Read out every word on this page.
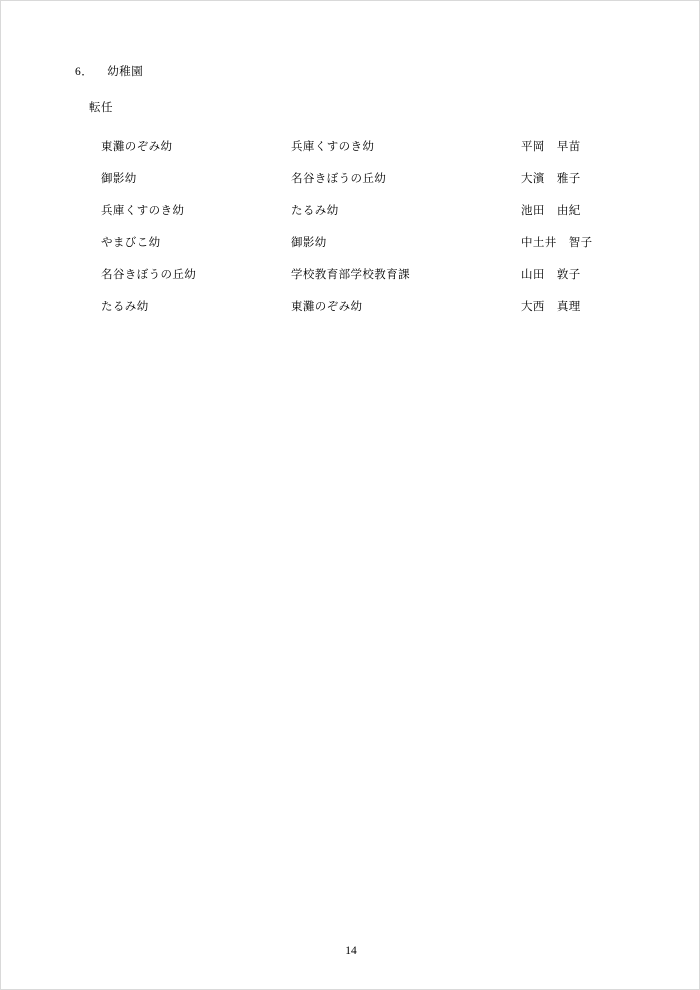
6． 幼稚園
転任
東灘のぞみ幼	兵庫くすのき幼	平岡 早苗
御影幼	名谷きぼうの丘幼	大濱 雅子
兵庫くすのき幼	たるみ幼	池田 由紀
やまびこ幼	御影幼	中土井 智子
名谷きぼうの丘幼	学校教育部学校教育課	山田 敦子
たるみ幼	東灘のぞみ幼	大西 真理
14
